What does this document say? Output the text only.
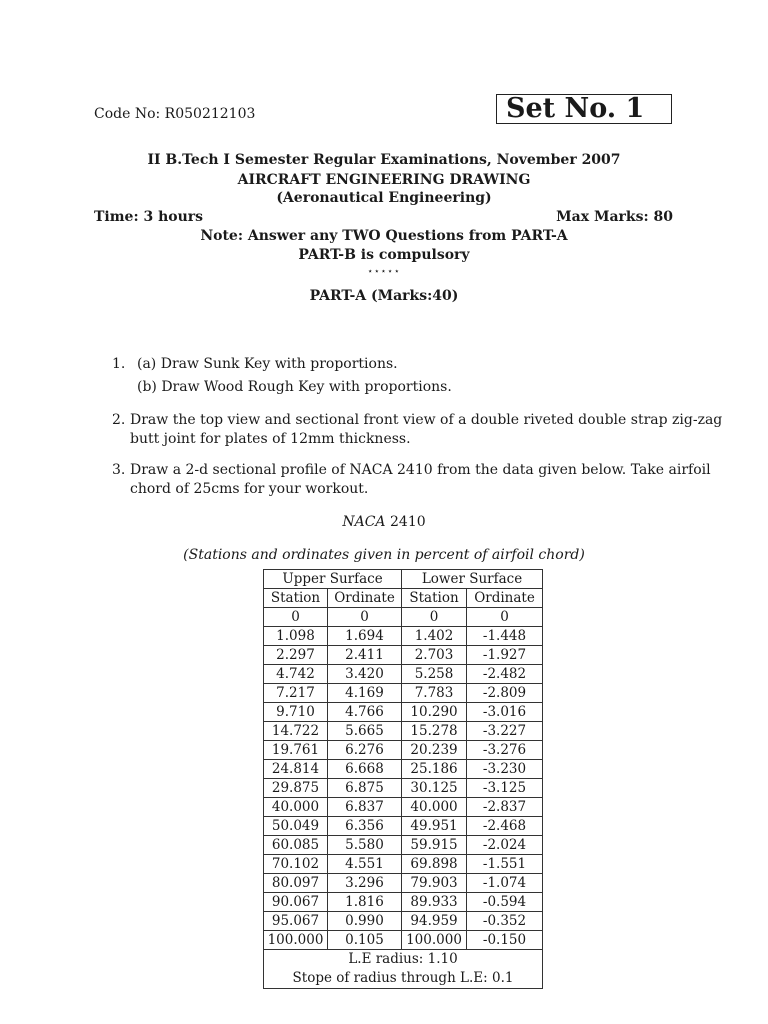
Code No: R050212103	Set No. 1
II B.Tech I Semester Regular Examinations, November 2007
AIRCRAFT ENGINEERING DRAWING
(Aeronautical Engineering)
Time: 3 hours	Max Marks: 80
Note: Answer any TWO Questions from PART-A
PART-B is compulsory
⋆⋆⋆⋆⋆
PART-A (Marks:40)
1. (a) Draw Sunk Key with proportions.
(b) Draw Wood Rough Key with proportions.
2. Draw the top view and sectional front view of a double riveted double strap zig-zag
butt joint for plates of 12mm thickness.
3. Draw a 2-d sectional profile of NACA 2410 from the data given below. Take airfoil
chord of 25cms for your workout.
NACA 2410
(Stations and ordinates given in percent of airfoil chord)
Upper Surface		Lower Surface	
Station	Ordinate	Station	Ordinate
0	0	0	0
1.098	1.694	1.402	-1.448
2.297	2.411	2.703	-1.927
4.742	3.420	5.258	-2.482
7.217	4.169	7.783	-2.809
9.710	4.766	10.290	-3.016
14.722	5.665	15.278	-3.227
19.761	6.276	20.239	-3.276
24.814	6.668	25.186	-3.230
29.875	6.875	30.125	-3.125
40.000	6.837	40.000	-2.837
50.049	6.356	49.951	-2.468
60.085	5.580	59.915	-2.024
70.102	4.551	69.898	-1.551
80.097	3.296	79.903	-1.074
90.067	1.816	89.933	-0.594
95.067	0.990	94.959	-0.352
100.000	0.105	100.000	-0.150
L.E radius: 1.10			
Stope of radius through L.E: 0.1			
